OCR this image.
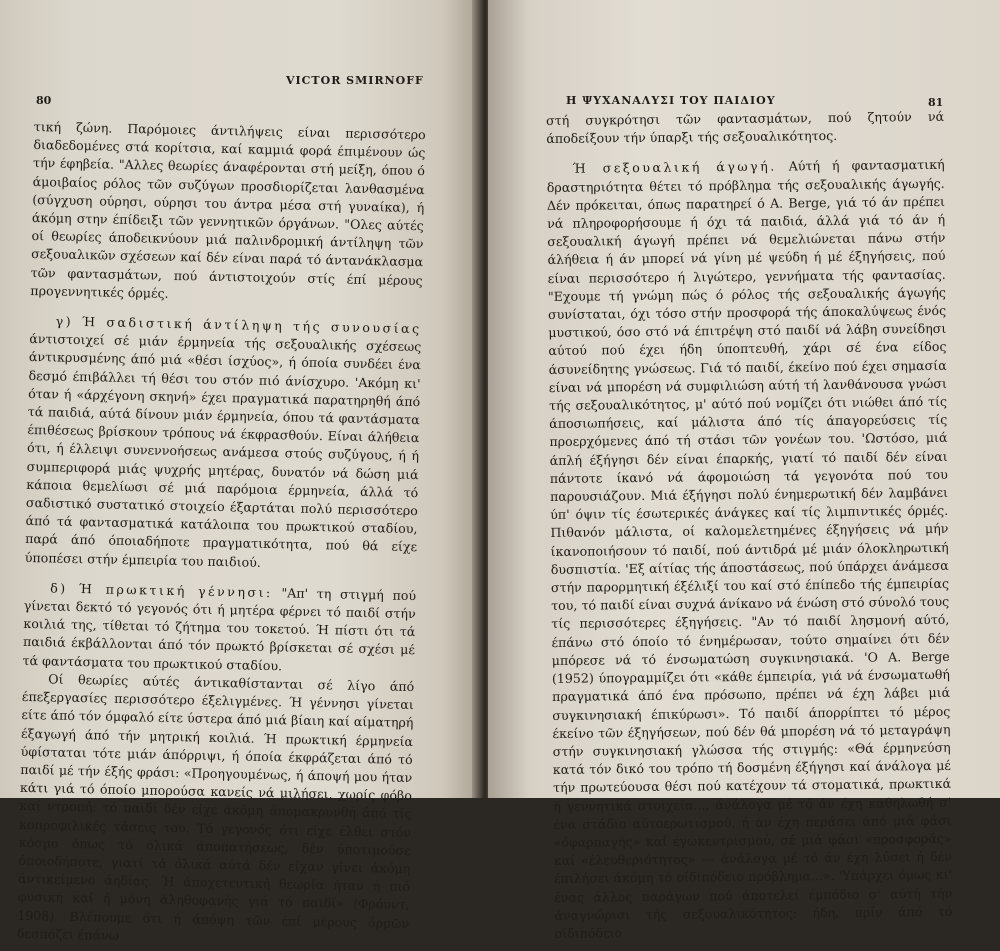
80
VICTOR SMIRNOFF

τική ζώνη. Παρόμοιες άντιλήψεις είναι περισσότερο διαδεδομένες στά κορίτσια, καί καμμιά φορά έπιμένουν ώς τήν έφηβεία. "Αλλες θεωρίες άναφέρονται στή μείξη, όπου ό άμοιβαίος ρόλος τῶν συζύγων προσδιορίζεται λανθασμένα (σύγχυση ούρησι, ούρησι του άντρα μέσα στή γυναίκα), ή άκόμη στην έπίδειξι τῶν γεννητικῶν όργάνων. "Ολες αύτές οί θεωρίες άποδεικνύουν μιά παλινδρομική άντίληψη τῶν σεξουαλικῶν σχέσεων καί δέν είναι παρά τό άντανάκλασμα τῶν φαντασμάτων, πού άντιστοιχούν στίς έπί μέρους προγεννητικές όρμές.

γ) Ή σαδιστική άντίληψη τής συνουσίας άντιστοιχεί σέ μιάν έρμηνεία τής σεξουαλικής σχέσεως άντικρυσμένης άπό μιά «θέσι ίσχύος», ή όποία συνδέει ένα δεσμό έπιβάλλει τή θέσι του στόν πιό άνίσχυρο. 'Ακόμη κι' όταν ή «άρχέγονη σκηνή» έχει πραγματικά παρατηρηθή άπό τά παιδιά, αύτά δίνουν μιάν έρμηνεία, όπου τά φαντάσματα έπιθέσεως βρίσκουν τρόπους νά έκφρασθούν. Είναι άλήθεια ότι, ή έλλειψι συνεννοήσεως ανάμεσα στούς συζύγους, ή ή συμπεριφορά μιάς ψυχρής μητέρας, δυνατόν νά δώση μιά κάποια θεμελίωσι σέ μιά παρόμοια έρμηνεία, άλλά τό σαδιστικό συστατικό στοιχείο έξαρτάται πολύ περισσότερο άπό τά φαντασματικά κατάλοιπα του πρωκτικού σταδίου, παρά άπό όποιαδήποτε πραγματικότητα, πού θά είχε ύποπέσει στήν έμπειρία του παιδιού.

δ) Ή πρωκτική γέννησι: "Απ' τη στιγμή πού γίνεται δεκτό τό γεγονός ότι ή μητέρα φέρνει τό παιδί στήν κοιλιά της, τίθεται τό ζήτημα του τοκετού. Ή πίστι ότι τά παιδιά έκβάλλονται άπό τόν πρωκτό βρίσκεται σέ σχέσι μέ τά φαντάσματα του πρωκτικού σταδίου.

Οί θεωρίες αύτές άντικαθίστανται σέ λίγο άπό έπεξεργασίες περισσότερο έξελιγμένες. Ή γέννησι γίνεται είτε άπό τόν όμφαλό είτε ύστερα άπό μιά βίαιη καί αίματηρή έξαγωγή άπό τήν μητρική κοιλιά. Ή πρωκτική έρμηνεία ύφίσταται τότε μιάν άπόρριψι, ή όποία έκφράζεται άπό τό παιδί μέ τήν έξής φράσι: «Προηγουμένως, ή άποψή μου ήταν κάτι γιά τό όποίο μπορούσα κανείς νά μιλήσει, χωρίς φόβο καί ντροπή: τό παιδί δέν είχε άκόμη άπομακρυνθή άπό τίς κοπροφιλικές τάσεις του. Τό γεγονός ότι είχε έλθει στόν κόσμο όπως τό όλικά άποπατήσεως, δέν ύποτιμούσε όποιοδήποτε, γιατί τά όλικά αύτά δέν είχαν γίνει άκόμη άντικείμενο άηδίας. Ή άποχετευτική θεωρία ήταν ή πιό φυσική καί ή μόνη άληθοφανής γιά τό παιδί» (Φρόυντ, 1908). Βλέπουμε ότι ή άπόψη τῶν έπί μέρους όρμῶν δεσπόζει έπάνω

Η ΨΥΧΑΝΑΛΥΣΙ ΤΟΥ ΠΑΙΔΙΟΥ	81

στή συγκρότησι τῶν φαντασμάτων, πού ζητούν νά άποδείξουν τήν ύπαρξι τής σεξουαλικότητος.

Ή σεξουαλική άγωγή. Αύτή ή φαντασματική δραστηριότητα θέτει τό πρόβλημα τής σεξουαλικής άγωγής. Δέν πρόκειται, όπως παρατηρεί ό A. Berge, γιά τό άν πρέπει νά πληροφορήσουμε ή όχι τά παιδιά, άλλά γιά τό άν ή σεξουαλική άγωγή πρέπει νά θεμελιώνεται πάνω στήν άλήθεια ή άν μπορεί νά γίνη μέ ψεύδη ή μέ έξηγήσεις, πού είναι περισσότερο ή λιγώτερο, γεννήματα τής φαντασίας. "Εχουμε τή γνώμη πώς ό ρόλος τής σεξουαλικής άγωγής συνίσταται, όχι τόσο στήν προσφορά τής άποκαλύψεως ένός μυστικού, όσο στό νά έπιτρέψη στό παιδί νά λάβη συνείδησι αύτού πού έχει ήδη ύποπτευθή, χάρι σέ ένα είδος άσυνείδητης γνώσεως. Γιά τό παιδί, έκείνο πού έχει σημασία είναι νά μπορέση νά συμφιλιώση αύτή τή λανθάνουσα γνώσι τής σεξουαλικότητος, μ' αύτό πού νομίζει ότι νιώθει άπό τίς άποσιωπήσεις, καί μάλιστα άπό τίς άπαγορεύσεις τίς προερχόμενες άπό τή στάσι τῶν γονέων του. 'Ωστόσο, μιά άπλή έξήγησι δέν είναι έπαρκής, γιατί τό παιδί δέν είναι πάντοτε ίκανό νά άφομοιώση τά γεγονότα πού του παρουσιάζουν. Μιά έξήγησι πολύ ένημερωτική δέν λαμβάνει ύπ' όψιν τίς έσωτερικές άνάγκες καί τίς λιμπιντικές όρμές. Πιθανόν μάλιστα, οί καλομελετημένες έξηγήσεις νά μήν ίκανοποιήσουν τό παιδί, πού άντιδρά μέ μιάν όλοκληρωτική δυσπιστία. 'Εξ αίτίας τής άποστάσεως, πού ύπάρχει άνάμεσα στήν παρορμητική έξέλιξί του καί στό έπίπεδο τής έμπειρίας του, τό παιδί είναι συχνά άνίκανο νά ένώση στό σύνολό τους τίς περισσότερες έξηγήσεις. "Αν τό παιδί λησμονή αύτό, έπάνω στό όποίο τό ένημέρωσαν, τούτο σημαίνει ότι δέν μπόρεσε νά τό ένσωματώση συγκινησιακά. 'Ο A. Berge (1952) ύπογραμμίζει ότι «κάθε έμπειρία, γιά νά ένσωματωθή πραγματικά άπό ένα πρόσωπο, πρέπει νά έχη λάβει μιά συγκινησιακή έπικύρωσι». Τό παιδί άπορρίπτει τό μέρος έκείνο τῶν έξηγήσεων, πού δέν θά μπορέση νά τό μεταγράψη στήν συγκινησιακή γλώσσα τής στιγμής: «Θά έρμηνεύση κατά τόν δικό του τρόπο τή δοσμένη έξήγησι καί άνάλογα μέ τήν πρωτεύουσα θέσι πού κατέχουν τά στοματικά, πρωκτικά ή γεννητικά στοιχεία..., άνάλογα μέ τό άν έχη καθηλωθή σ' ένα στάδιο αύτοερωτισμού, ή άν έχη περάσει άπό μιά φάσι «όφαρπαγής» καί έγωκεντρισμού, σέ μιά φάσι «προσφοράς» καί «έλευθεριότητος» — άνάλογα μέ τό άν έχη λύσει ή δέν έπιλήσει άκόμη τό οίδιπόδειο πρόβλημα...». 'Υπάρχει όμως κι' ένας άλλος παράγων πού άποτελεί έμπόδιο σ' αύτή τήν άναγνώρισι τής σεξουαλικότητος: ήδη, πρίν άπό τό οίδιπόδειο
